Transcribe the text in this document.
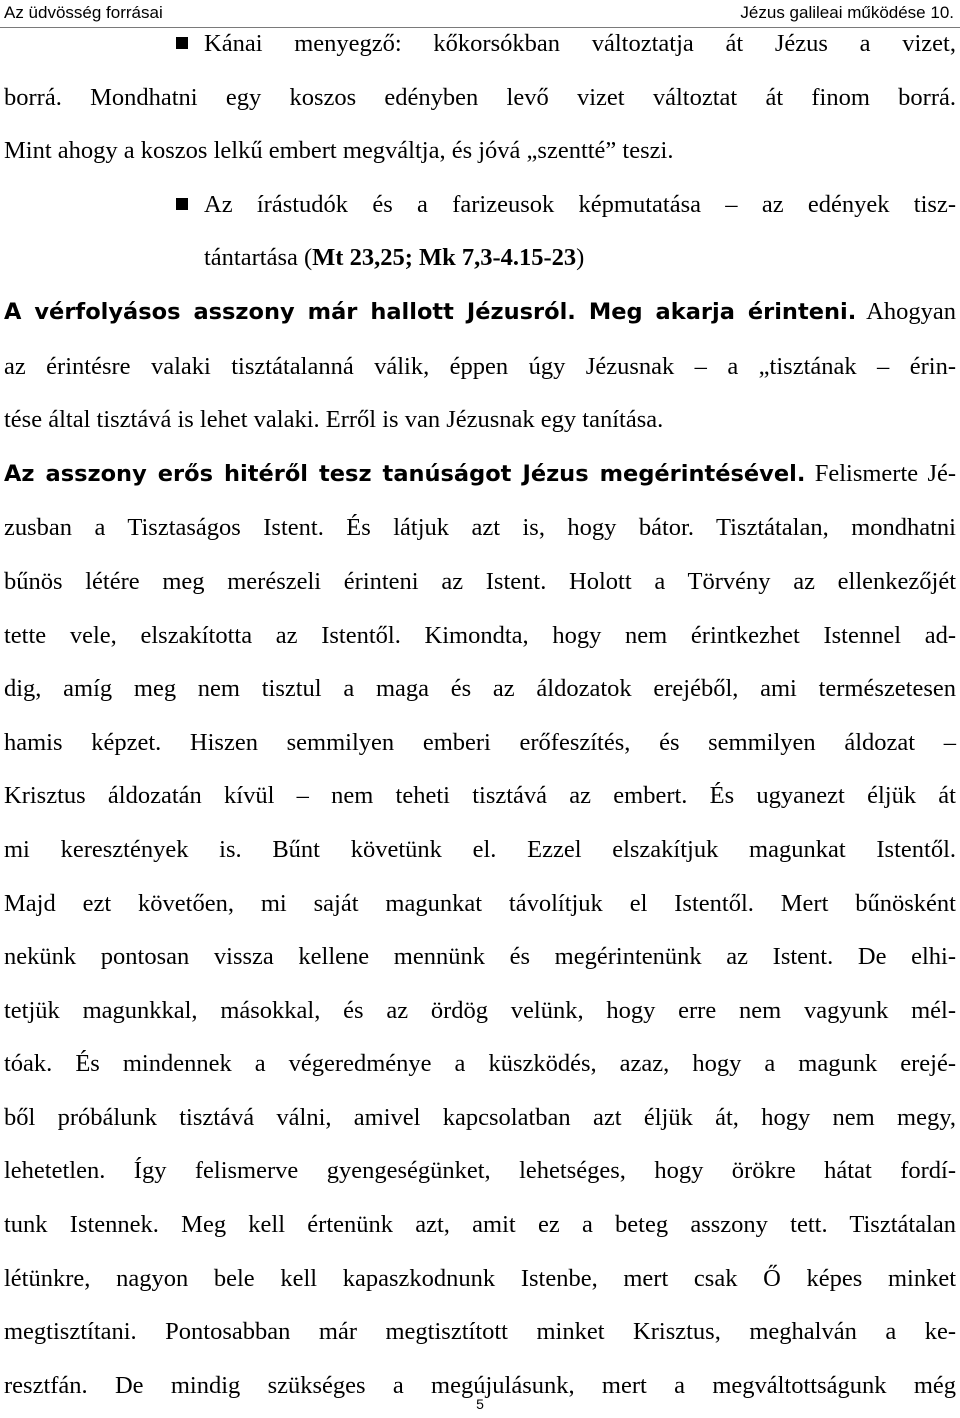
Az üdvösség forrásai	Jézus galileai működése 10.
Kánai menyegző: kőkorsókban változtatja át Jézus a vizet,
borrá. Mondhatni egy koszos edényben levő vizet változtat át finom borrá.
Mint ahogy a koszos lelkű embert megváltja, és jóvá „szentté” teszi.
Az írástudók és a farizeusok képmutatása – az edények tisz-
tántartása (Mt 23,25; Mk 7,3-4.15-23)
A vérfolyásos asszony már hallott Jézusról. Meg akarja érinteni. Ahogyan
az érintésre valaki tisztátalanná válik, éppen úgy Jézusnak – a „tisztának – érin-
tése által tisztává is lehet valaki. Erről is van Jézusnak egy tanítása.
Az asszony erős hitéről tesz tanúságot Jézus megérintésével. Felismerte Jé-
zusban a Tisztaságos Istent. És látjuk azt is, hogy bátor. Tisztátalan, mondhatni
bűnös létére meg merészeli érinteni az Istent. Holott a Törvény az ellenkezőjét
tette vele, elszakította az Istentől. Kimondta, hogy nem érintkezhet Istennel ad-
dig, amíg meg nem tisztul a maga és az áldozatok erejéből, ami természetesen
hamis képzet. Hiszen semmilyen emberi erőfeszítés, és semmilyen áldozat –
Krisztus áldozatán kívül – nem teheti tisztává az embert. És ugyanezt éljük át
mi keresztények is. Bűnt követünk el. Ezzel elszakítjuk magunkat Istentől.
Majd ezt követően, mi saját magunkat távolítjuk el Istentől. Mert bűnösként
nekünk pontosan vissza kellene mennünk és megérintenünk az Istent. De elhi-
tetjük magunkkal, másokkal, és az ördög velünk, hogy erre nem vagyunk mél-
tóak. És mindennek a végeredménye a küszködés, azaz, hogy a magunk erejé-
ből próbálunk tisztává válni, amivel kapcsolatban azt éljük át, hogy nem megy,
lehetetlen. Így felismerve gyengeségünket, lehetséges, hogy örökre hátat fordí-
tunk Istennek. Meg kell értenünk azt, amit ez a beteg asszony tett. Tisztátalan
létünkre, nagyon bele kell kapaszkodnunk Istenbe, mert csak Ő képes minket
megtisztítani. Pontosabban már megtisztított minket Krisztus, meghalván a ke-
resztfán. De mindig szükséges a megújulásunk, mert a megváltottságunk még
5
